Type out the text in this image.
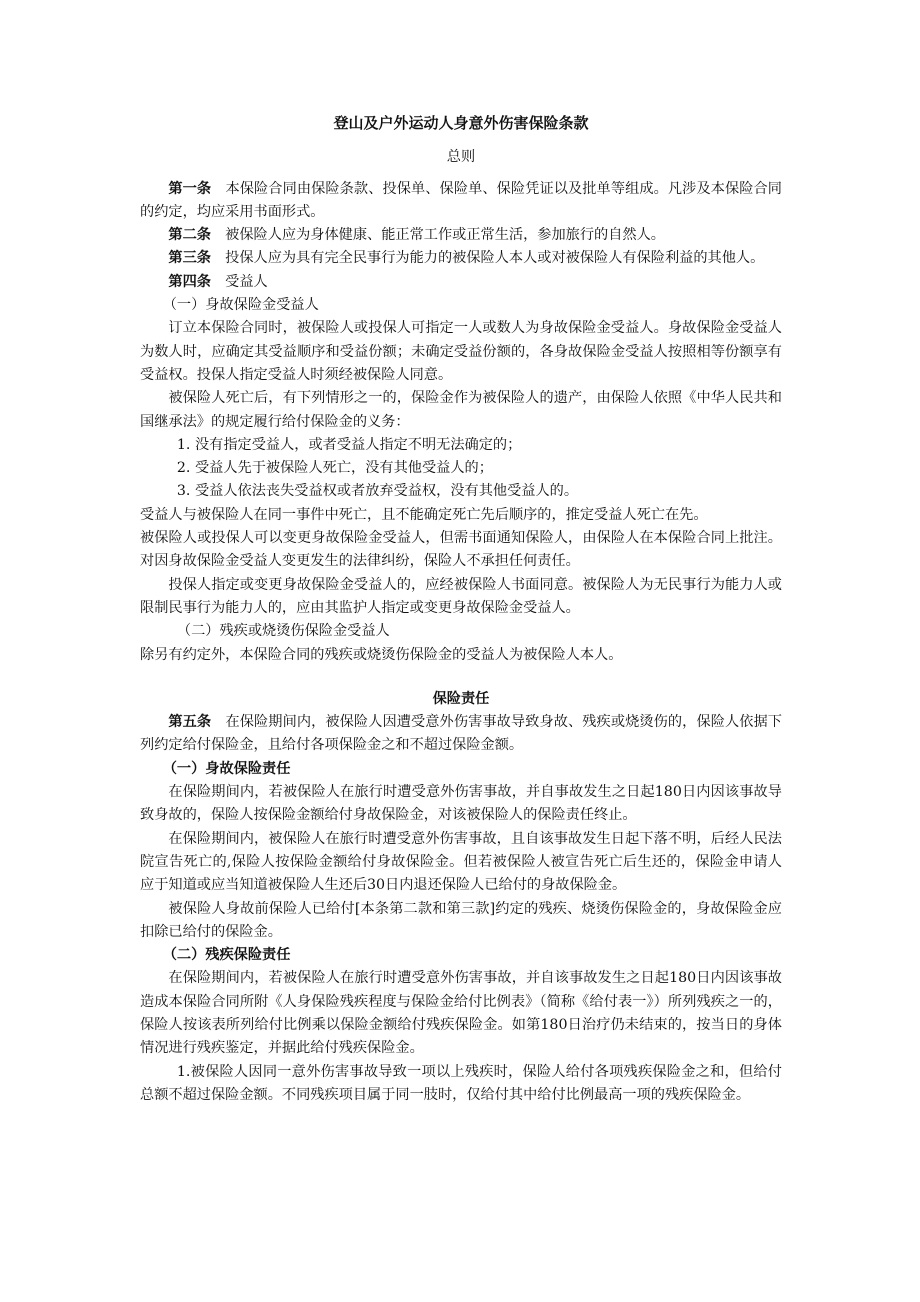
登山及户外运动人身意外伤害保险条款

总则

第一条 本保险合同由保险条款、投保单、保险单、保险凭证以及批单等组成。凡涉及本保险合同的约定，均应采用书面形式。

第二条 被保险人应为身体健康、能正常工作或正常生活，参加旅行的自然人。

第三条 投保人应为具有完全民事行为能力的被保险人本人或对被保险人有保险利益的其他人。

第四条 受益人

（一）身故保险金受益人

订立本保险合同时，被保险人或投保人可指定一人或数人为身故保险金受益人。身故保险金受益人为数人时，应确定其受益顺序和受益份额；未确定受益份额的，各身故保险金受益人按照相等份额享有受益权。投保人指定受益人时须经被保险人同意。

被保险人死亡后，有下列情形之一的，保险金作为被保险人的遗产，由保险人依照《中华人民共和国继承法》的规定履行给付保险金的义务：

1. 没有指定受益人，或者受益人指定不明无法确定的；

2. 受益人先于被保险人死亡，没有其他受益人的；

3. 受益人依法丧失受益权或者放弃受益权，没有其他受益人的。

受益人与被保险人在同一事件中死亡，且不能确定死亡先后顺序的，推定受益人死亡在先。

被保险人或投保人可以变更身故保险金受益人，但需书面通知保险人，由保险人在本保险合同上批注。对因身故保险金受益人变更发生的法律纠纷，保险人不承担任何责任。

投保人指定或变更身故保险金受益人的，应经被保险人书面同意。被保险人为无民事行为能力人或限制民事行为能力人的，应由其监护人指定或变更身故保险金受益人。

（二）残疾或烧烫伤保险金受益人

除另有约定外，本保险合同的残疾或烧烫伤保险金的受益人为被保险人本人。

保险责任

第五条 在保险期间内，被保险人因遭受意外伤害事故导致身故、残疾或烧烫伤的，保险人依据下列约定给付保险金，且给付各项保险金之和不超过保险金额。

（一）身故保险责任

在保险期间内，若被保险人在旅行时遭受意外伤害事故，并自事故发生之日起180日内因该事故导致身故的，保险人按保险金额给付身故保险金，对该被保险人的保险责任终止。

在保险期间内，被保险人在旅行时遭受意外伤害事故，且自该事故发生日起下落不明，后经人民法院宣告死亡的,保险人按保险金额给付身故保险金。但若被保险人被宣告死亡后生还的，保险金申请人应于知道或应当知道被保险人生还后30日内退还保险人已给付的身故保险金。

被保险人身故前保险人已给付[本条第二款和第三款]约定的残疾、烧烫伤保险金的，身故保险金应扣除已给付的保险金。

（二）残疾保险责任

在保险期间内，若被保险人在旅行时遭受意外伤害事故，并自该事故发生之日起180日内因该事故造成本保险合同所附《人身保险残疾程度与保险金给付比例表》（简称《给付表一》）所列残疾之一的，保险人按该表所列给付比例乘以保险金额给付残疾保险金。如第180日治疗仍未结束的，按当日的身体情况进行残疾鉴定，并据此给付残疾保险金。

1.被保险人因同一意外伤害事故导致一项以上残疾时，保险人给付各项残疾保险金之和，但给付总额不超过保险金额。不同残疾项目属于同一肢时，仅给付其中给付比例最高一项的残疾保险金。
